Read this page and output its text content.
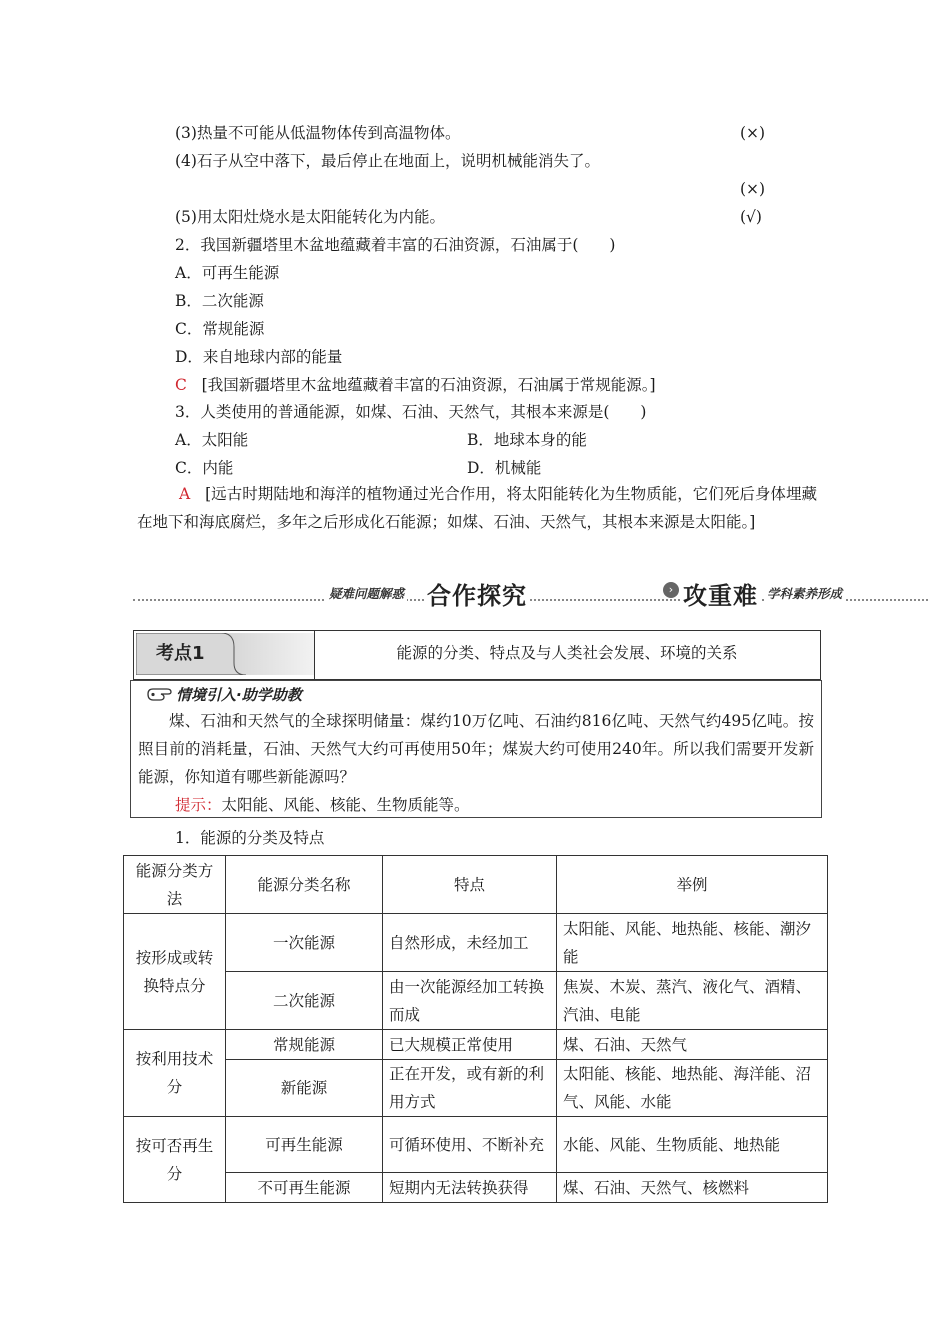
(3)热量不可能从低温物体传到高温物体。	(×)
(4)石子从空中落下，最后停止在地面上，说明机械能消失了。
(×)
(5)用太阳灶烧水是太阳能转化为内能。	(√)
2．我国新疆塔里木盆地蕴藏着丰富的石油资源，石油属于(　　)
A．可再生能源
B．二次能源
C．常规能源
D．来自地球内部的能量
C [我国新疆塔里木盆地蕴藏着丰富的石油资源，石油属于常规能源。]
3．人类使用的普通能源，如煤、石油、天然气，其根本来源是(　　)
A．太阳能	B．地球本身的能
C．内能	D．机械能
A [远古时期陆地和海洋的植物通过光合作用，将太阳能转化为生物质能，它们死后身体埋藏在地下和海底腐烂，多年之后形成化石能源；如煤、石油、天然气，其根本来源是太阳能。]
疑难问题解惑 合作探究	› 攻重难 学科素养形成
考点1	能源的分类、特点及与人类社会发展、环境的关系
情境引入·助学助教
煤、石油和天然气的全球探明储量：煤约10万亿吨、石油约816亿吨、天然气约495亿吨。按照目前的消耗量，石油、天然气大约可再使用50年；煤炭大约可使用240年。所以我们需要开发新能源，你知道有哪些新能源吗？
提示：太阳能、风能、核能、生物质能等。
1．能源的分类及特点
能源分类方法	能源分类名称	特点	举例
按形成或转换特点分	一次能源	自然形成，未经加工	太阳能、风能、地热能、核能、潮汐能
	二次能源	由一次能源经加工转换而成	焦炭、木炭、蒸汽、液化气、酒精、汽油、电能
按利用技术分	常规能源	已大规模正常使用	煤、石油、天然气
	新能源	正在开发，或有新的利用方式	太阳能、核能、地热能、海洋能、沼气、风能、水能
按可否再生分	可再生能源	可循环使用、不断补充	水能、风能、生物质能、地热能
	不可再生能源	短期内无法转换获得	煤、石油、天然气、核燃料
